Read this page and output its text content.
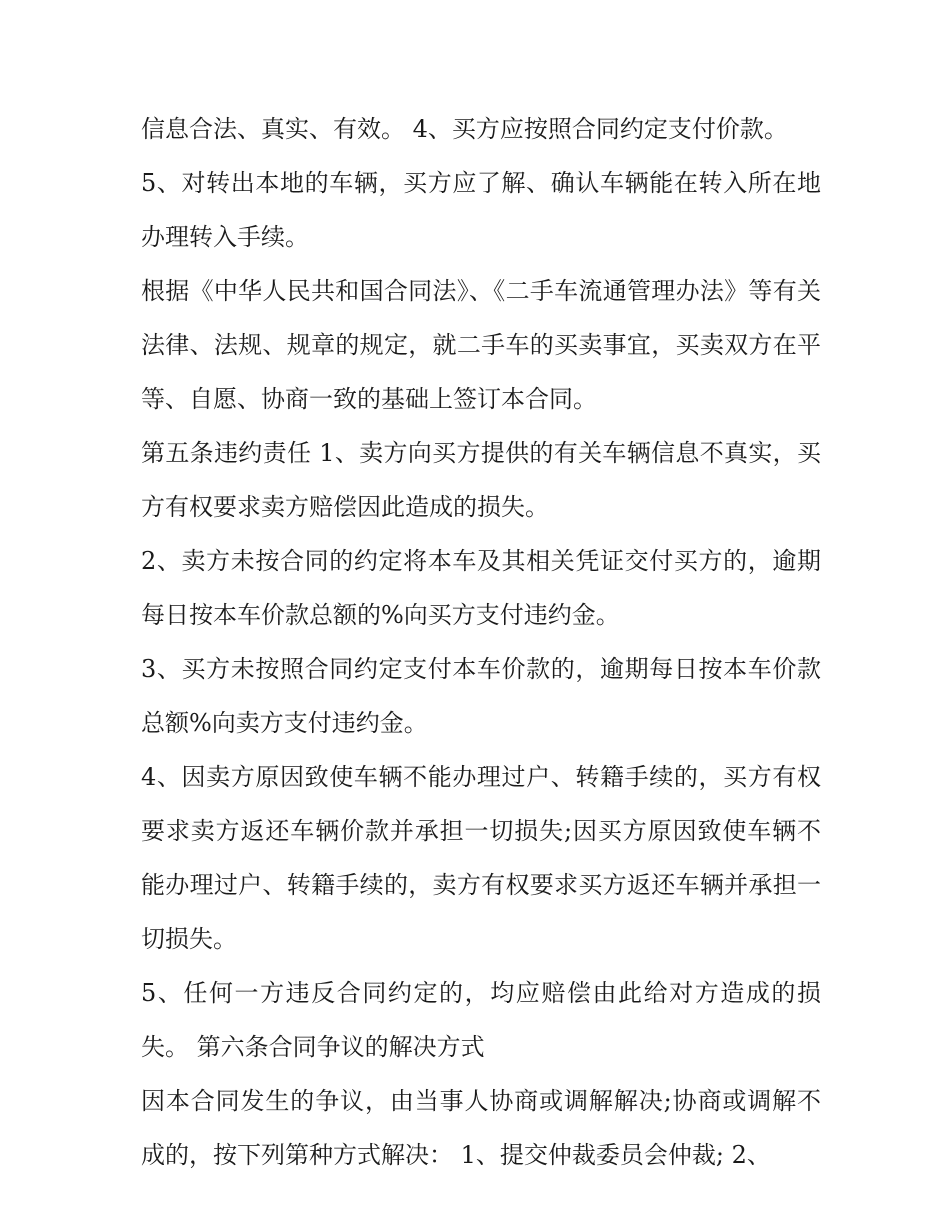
信息合法、真实、有效。 4、买方应按照合同约定支付价款。

5、对转出本地的车辆，买方应了解、确认车辆能在转入所在地办理转入手续。

根据《中华人民共和国合同法》、《二手车流通管理办法》等有关法律、法规、规章的规定，就二手车的买卖事宜，买卖双方在平等、自愿、协商一致的基础上签订本合同。

第五条违约责任 1、卖方向买方提供的有关车辆信息不真实，买方有权要求卖方赔偿因此造成的损失。

2、卖方未按合同的约定将本车及其相关凭证交付买方的，逾期每日按本车价款总额的%向买方支付违约金。

3、买方未按照合同约定支付本车价款的，逾期每日按本车价款总额%向卖方支付违约金。

4、因卖方原因致使车辆不能办理过户、转籍手续的，买方有权要求卖方返还车辆价款并承担一切损失;因买方原因致使车辆不能办理过户、转籍手续的，卖方有权要求买方返还车辆并承担一切损失。

5、任何一方违反合同约定的，均应赔偿由此给对方造成的损失。 第六条合同争议的解决方式

因本合同发生的争议，由当事人协商或调解解决;协商或调解不成的，按下列第种方式解决： 1、提交仲裁委员会仲裁; 2、
